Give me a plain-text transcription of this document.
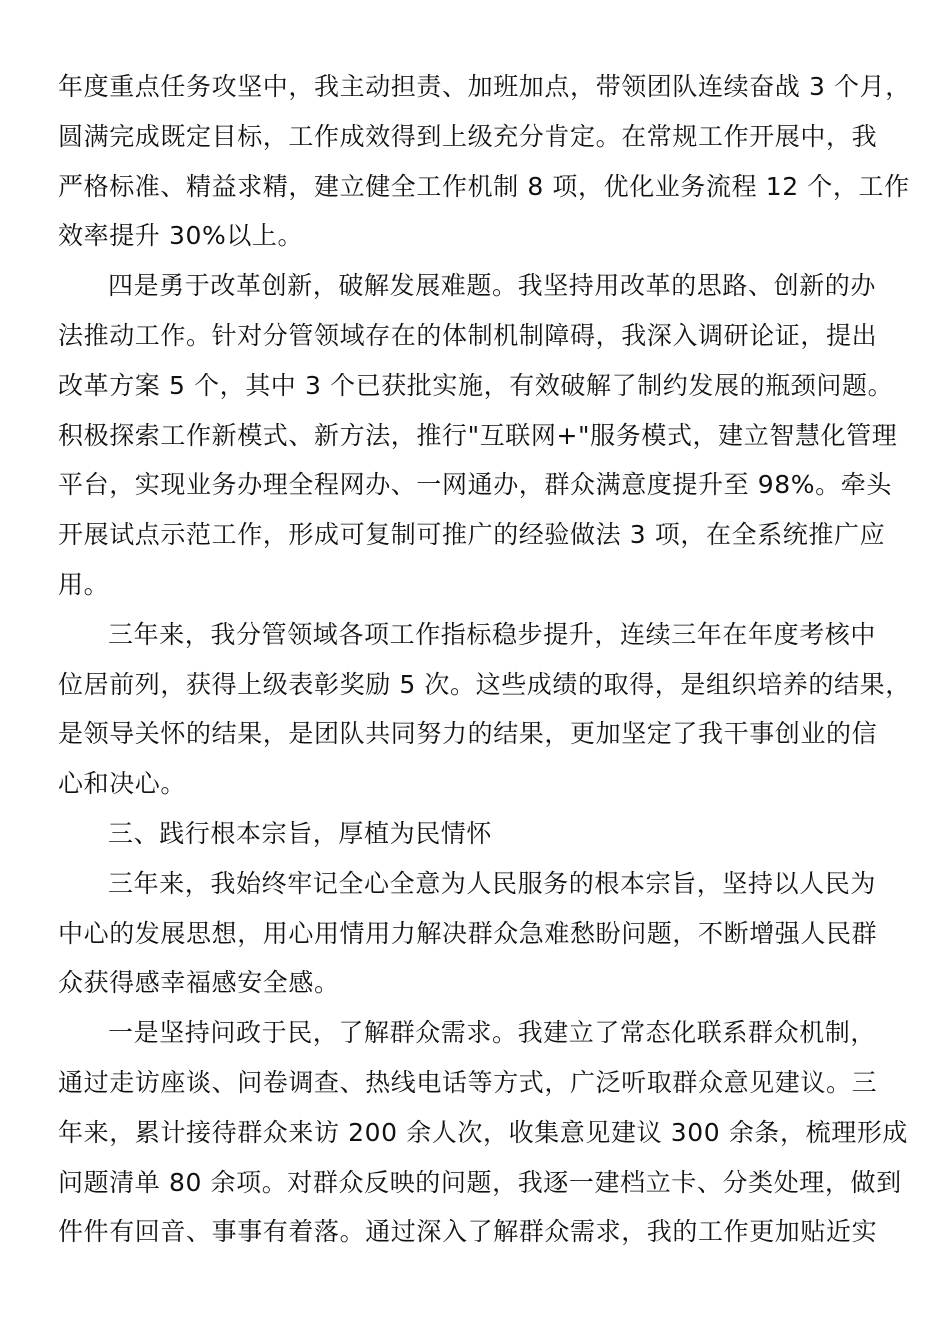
年度重点任务攻坚中，我主动担责、加班加点，带领团队连续奋战 3 个月，
圆满完成既定目标，工作成效得到上级充分肯定。在常规工作开展中，我
严格标准、精益求精，建立健全工作机制 8 项，优化业务流程 12 个，工作
效率提升 30%以上。
四是勇于改革创新，破解发展难题。我坚持用改革的思路、创新的办
法推动工作。针对分管领域存在的体制机制障碍，我深入调研论证，提出
改革方案 5 个，其中 3 个已获批实施，有效破解了制约发展的瓶颈问题。
积极探索工作新模式、新方法，推行"互联网+"服务模式，建立智慧化管理
平台，实现业务办理全程网办、一网通办，群众满意度提升至 98%。牵头
开展试点示范工作，形成可复制可推广的经验做法 3 项，在全系统推广应
用。
三年来，我分管领域各项工作指标稳步提升，连续三年在年度考核中
位居前列，获得上级表彰奖励 5 次。这些成绩的取得，是组织培养的结果，
是领导关怀的结果，是团队共同努力的结果，更加坚定了我干事创业的信
心和决心。
三、践行根本宗旨，厚植为民情怀
三年来，我始终牢记全心全意为人民服务的根本宗旨，坚持以人民为
中心的发展思想，用心用情用力解决群众急难愁盼问题，不断增强人民群
众获得感幸福感安全感。
一是坚持问政于民，了解群众需求。我建立了常态化联系群众机制，
通过走访座谈、问卷调查、热线电话等方式，广泛听取群众意见建议。三
年来，累计接待群众来访 200 余人次，收集意见建议 300 余条，梳理形成
问题清单 80 余项。对群众反映的问题，我逐一建档立卡、分类处理，做到
件件有回音、事事有着落。通过深入了解群众需求，我的工作更加贴近实
